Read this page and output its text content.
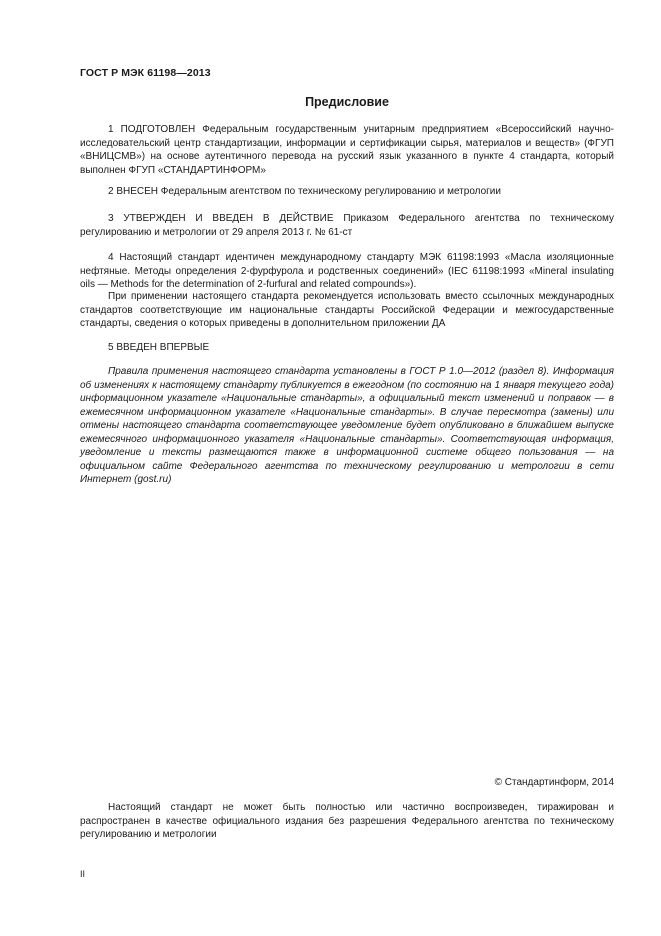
ГОСТ Р МЭК 61198—2013
Предисловие

1 ПОДГОТОВЛЕН Федеральным государственным унитарным предприятием «Всероссийский научно-исследовательский центр стандартизации, информации и сертификации сырья, материалов и веществ» (ФГУП «ВНИЦСМВ») на основе аутентичного перевода на русский язык указанного в пункте 4 стандарта, который выполнен ФГУП «СТАНДАРТИНФОРМ»

2 ВНЕСЕН Федеральным агентством по техническому регулированию и метрологии

3 УТВЕРЖДЕН И ВВЕДЕН В ДЕЙСТВИЕ Приказом Федерального агентства по техническому регулированию и метрологии от 29 апреля 2013 г. № 61-ст

4 Настоящий стандарт идентичен международному стандарту МЭК 61198:1993 «Масла изоляционные нефтяные. Методы определения 2-фурфурола и родственных соединений» (IEC 61198:1993 «Mineral insulating oils — Methods for the determination of 2-furfural and related compounds»).

При применении настоящего стандарта рекомендуется использовать вместо ссылочных международных стандартов соответствующие им национальные стандарты Российской Федерации и межгосударственные стандарты, сведения о которых приведены в дополнительном приложении ДА

5 ВВЕДЕН ВПЕРВЫЕ

Правила применения настоящего стандарта установлены в ГОСТ Р 1.0—2012 (раздел 8). Информация об изменениях к настоящему стандарту публикуется в ежегодном (по состоянию на 1 января текущего года) информационном указателе «Национальные стандарты», а официальный текст изменений и поправок — в ежемесячном информационном указателе «Национальные стандарты». В случае пересмотра (замены) или отмены настоящего стандарта соответствующее уведомление будет опубликовано в ближайшем выпуске ежемесячного информационного указателя «Национальные стандарты». Соответствующая информация, уведомление и тексты размещаются также в информационной системе общего пользования — на официальном сайте Федерального агентства по техническому регулированию и метрологии в сети Интернет (gost.ru)

© Стандартинформ, 2014

Настоящий стандарт не может быть полностью или частично воспроизведен, тиражирован и распространен в качестве официального издания без разрешения Федерального агентства по техническому регулированию и метрологии

II
